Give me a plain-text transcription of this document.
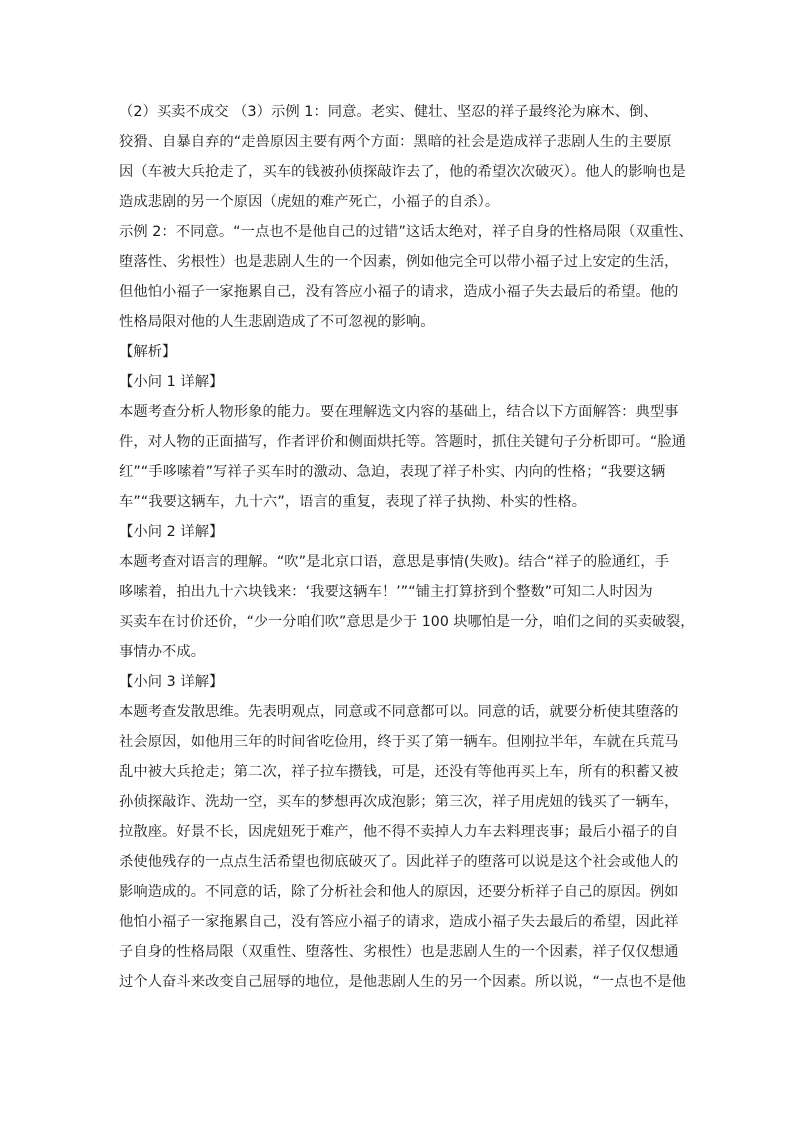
（2）买卖不成交 （3）示例 1：同意。老实、健壮、坚忍的祥子最终沦为麻木、倒、
狡猾、自暴自弃的“走兽原因主要有两个方面：黑暗的社会是造成祥子悲剧人生的主要原
因（车被大兵抢走了，买车的钱被孙侦探敲诈去了，他的希望次次破灭）。他人的影响也是
造成悲剧的另一个原因（虎妞的难产死亡，小福子的自杀）。
示例 2：不同意。“一点也不是他自己的过错”这话太绝对，祥子自身的性格局限（双重性、
堕落性、劣根性）也是悲剧人生的一个因素，例如他完全可以带小福子过上安定的生活，
但他怕小福子一家拖累自己，没有答应小福子的请求，造成小福子失去最后的希望。他的
性格局限对他的人生悲剧造成了不可忽视的影响。
【解析】
【小问 1 详解】
本题考查分析人物形象的能力。要在理解选文内容的基础上，结合以下方面解答：典型事
件，对人物的正面描写，作者评价和侧面烘托等。答题时，抓住关键句子分析即可。“脸通
红”“手哆嗦着”写祥子买车时的激动、急迫，表现了祥子朴实、内向的性格；“我要这辆
车”“我要这辆车，九十六”，语言的重复，表现了祥子执拗、朴实的性格。
【小问 2 详解】
本题考查对语言的理解。“吹”是北京口语，意思是事情(失败)。结合“祥子的脸通红，手
哆嗦着，拍出九十六块钱来：‘我要这辆车！’”“铺主打算挤到个整数”可知二人时因为
买卖车在讨价还价，“少一分咱们吹”意思是少于 100 块哪怕是一分，咱们之间的买卖破裂，
事情办不成。
【小问 3 详解】
本题考查发散思维。先表明观点，同意或不同意都可以。同意的话，就要分析使其堕落的
社会原因，如他用三年的时间省吃俭用，终于买了第一辆车。但刚拉半年，车就在兵荒马
乱中被大兵抢走；第二次，祥子拉车攒钱，可是，还没有等他再买上车，所有的积蓄又被
孙侦探敲诈、洗劫一空，买车的梦想再次成泡影；第三次，祥子用虎妞的钱买了一辆车，
拉散座。好景不长，因虎妞死于难产，他不得不卖掉人力车去料理丧事；最后小福子的自
杀使他残存的一点点生活希望也彻底破灭了。因此祥子的堕落可以说是这个社会或他人的
影响造成的。不同意的话，除了分析社会和他人的原因，还要分析祥子自己的原因。例如
他怕小福子一家拖累自己，没有答应小福子的请求，造成小福子失去最后的希望，因此祥
子自身的性格局限（双重性、堕落性、劣根性）也是悲剧人生的一个因素，祥子仅仅想通
过个人奋斗来改变自己屈辱的地位，是他悲剧人生的另一个因素。所以说，“一点也不是他
